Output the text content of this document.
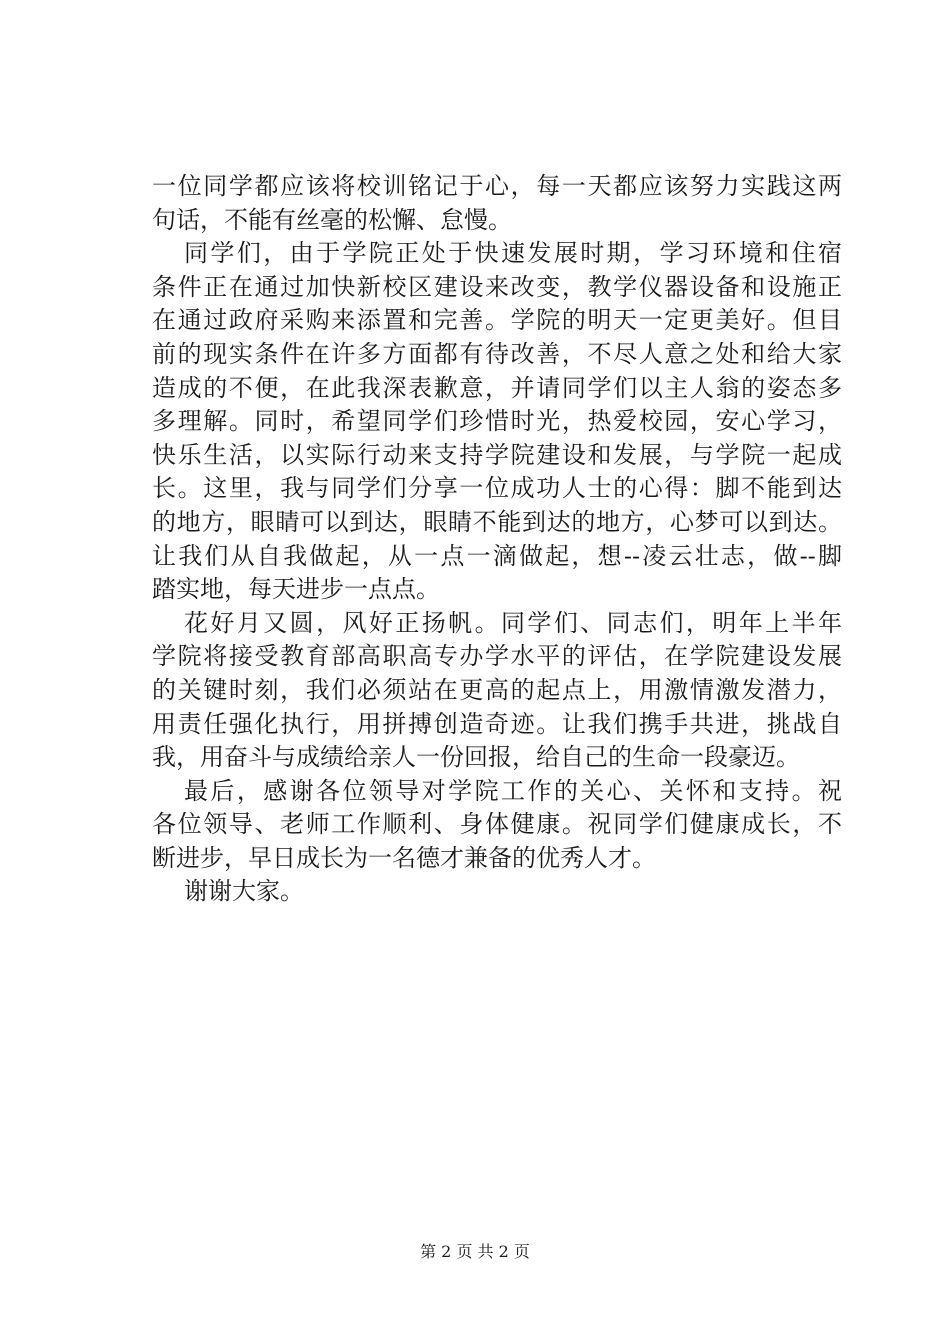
一位同学都应该将校训铭记于心，每一天都应该努力实践这两
句话，不能有丝毫的松懈、怠慢。
同学们，由于学院正处于快速发展时期，学习环境和住宿
条件正在通过加快新校区建设来改变，教学仪器设备和设施正
在通过政府采购来添置和完善。学院的明天一定更美好。但目
前的现实条件在许多方面都有待改善，不尽人意之处和给大家
造成的不便，在此我深表歉意，并请同学们以主人翁的姿态多
多理解。同时，希望同学们珍惜时光，热爱校园，安心学习，
快乐生活，以实际行动来支持学院建设和发展，与学院一起成
长。这里，我与同学们分享一位成功人士的心得：脚不能到达
的地方，眼睛可以到达，眼睛不能到达的地方，心梦可以到达。
让我们从自我做起，从一点一滴做起，想--凌云壮志，做--脚
踏实地，每天进步一点点。
花好月又圆，风好正扬帆。同学们、同志们，明年上半年
学院将接受教育部高职高专办学水平的评估，在学院建设发展
的关键时刻，我们必须站在更高的起点上，用激情激发潜力，
用责任强化执行，用拼搏创造奇迹。让我们携手共进，挑战自
我，用奋斗与成绩给亲人一份回报，给自己的生命一段豪迈。
最后，感谢各位领导对学院工作的关心、关怀和支持。祝
各位领导、老师工作顺利、身体健康。祝同学们健康成长，不
断进步，早日成长为一名德才兼备的优秀人才。
谢谢大家。
第 2 页 共 2 页
